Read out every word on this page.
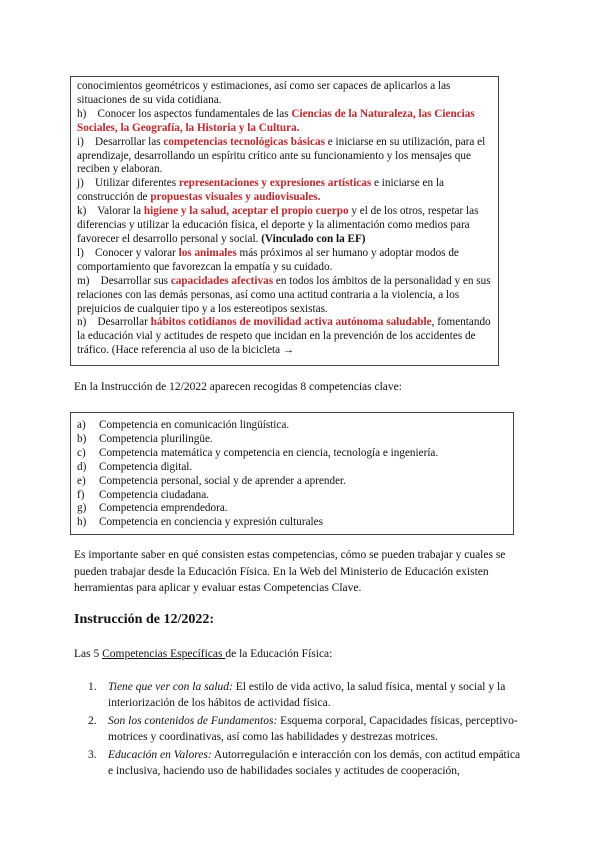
conocimientos geométricos y estimaciones, así como ser capaces de aplicarlos a las
situaciones de su vida cotidiana.

h)    Conocer los aspectos fundamentales de las Ciencias de la Naturaleza, las Ciencias Sociales, la Geografía, la Historia y la Cultura.

i)    Desarrollar las competencias tecnológicas básicas e iniciarse en su utilización, para el aprendizaje, desarrollando un espíritu crítico ante su funcionamiento y los mensajes que reciben y elaboran.

j)    Utilizar diferentes representaciones y expresiones artísticas e iniciarse en la construcción de propuestas visuales y audiovisuales.

k)    Valorar la higiene y la salud, aceptar el propio cuerpo y el de los otros, respetar las diferencias y utilizar la educación física, el deporte y la alimentación como medios para favorecer el desarrollo personal y social. (Vinculado con la EF)

l)    Conocer y valorar los animales más próximos al ser humano y adoptar modos de comportamiento que favorezcan la empatía y su cuidado.

m)    Desarrollar sus capacidades afectivas en todos los ámbitos de la personalidad y en sus relaciones con las demás personas, así como una actitud contraria a la violencia, a los prejuicios de cualquier tipo y a los estereotipos sexistas.

n)    Desarrollar hábitos cotidianos de movilidad activa autónoma saludable, fomentando la educación vial y actitudes de respeto que incidan en la prevención de los accidentes de tráfico. (Hace referencia al uso de la bicicleta →

En la Instrucción de 12/2022 aparecen recogidas 8 competencias clave:
a)	Competencia en comunicación lingüística.
b)	Competencia plurilingüe.
c)	Competencia matemática y competencia en ciencia, tecnología e ingeniería.
d)	Competencia digital.
e)	Competencia personal, social y de aprender a aprender.
f)	Competencia ciudadana.
g)	Competencia emprendedora.
h)	Competencia en conciencia y expresión culturales
Es importante saber en qué consisten estas competencias, cómo se pueden trabajar y cuales se pueden trabajar desde la Educación Física. En la Web del Ministerio de Educación existen herramientas para aplicar y evaluar estas Competencias Clave.
Instrucción de 12/2022:
Las 5 Competencias Específicas de la Educación Física:
1. Tiene que ver con la salud: El estilo de vida activo, la salud física, mental y social y la interiorización de los hábitos de actividad física.
2. Son los contenidos de Fundamentos: Esquema corporal, Capacidades físicas, perceptivo-motrices y coordinativas, así como las habilidades y destrezas motrices.
3. Educación en Valores: Autorregulación e interacción con los demás, con actitud empática e inclusiva, haciendo uso de habilidades sociales y actitudes de cooperación,
